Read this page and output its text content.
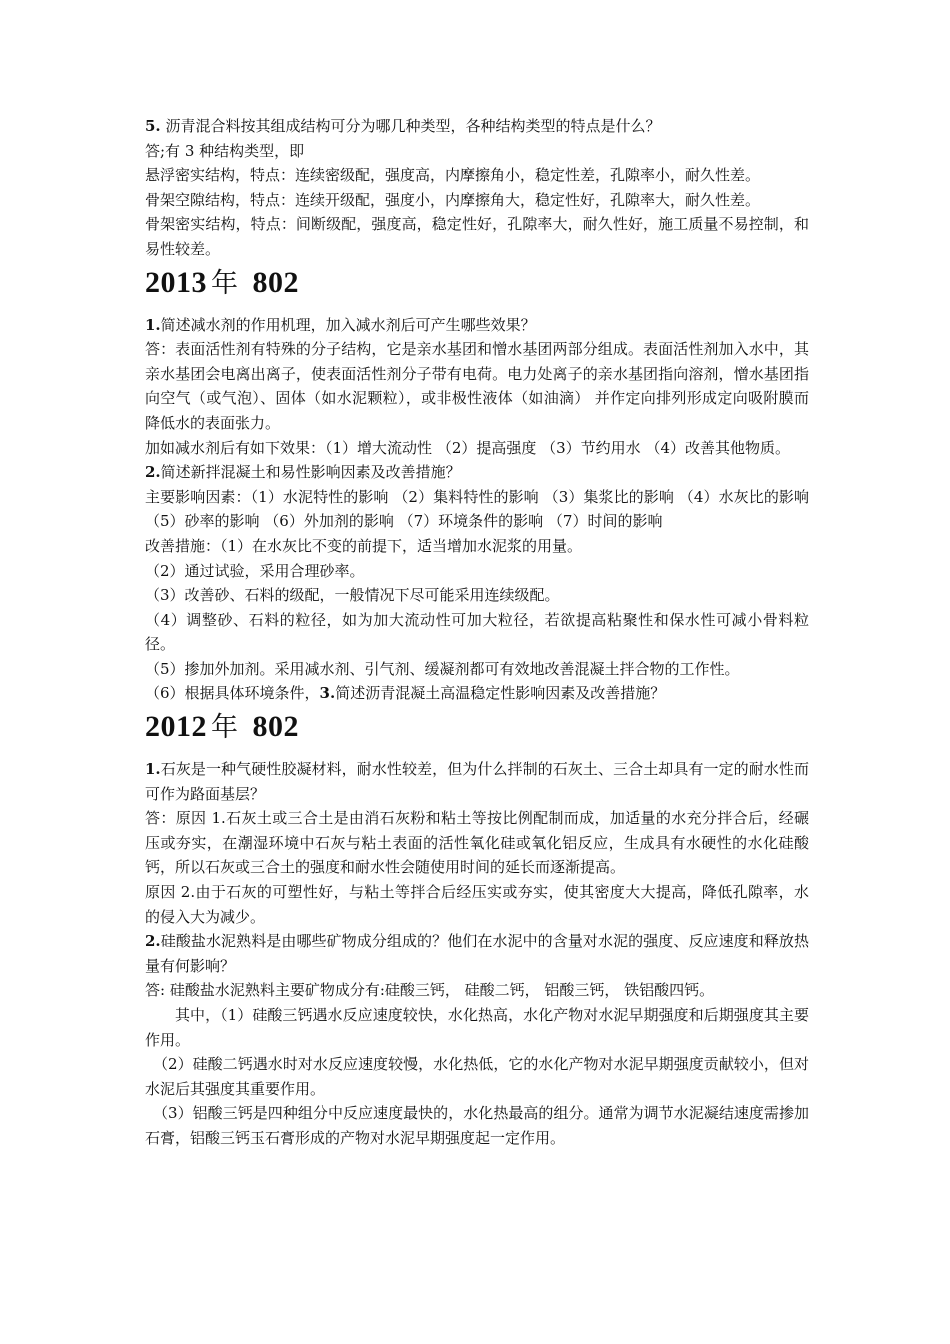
5. 沥青混合料按其组成结构可分为哪几种类型，各种结构类型的特点是什么？

答;有 3 种结构类型，即

悬浮密实结构，特点：连续密级配，强度高，内摩擦角小，稳定性差，孔隙率小，耐久性差。

骨架空隙结构，特点：连续开级配，强度小，内摩擦角大，稳定性好，孔隙率大，耐久性差。

骨架密实结构，特点：间断级配，强度高，稳定性好，孔隙率大，耐久性好，施工质量不易控制，和易性较差。

2013 年 802

1.简述减水剂的作用机理，加入减水剂后可产生哪些效果？

答：表面活性剂有特殊的分子结构，它是亲水基团和憎水基团两部分组成。表面活性剂加入水中，其亲水基团会电离出离子，使表面活性剂分子带有电荷。电力处离子的亲水基团指向溶剂，憎水基团指向空气（或气泡）、固体（如水泥颗粒），或非极性液体（如油滴） 并作定向排列形成定向吸附膜而降低水的表面张力。

加如减水剂后有如下效果：（1）增大流动性 （2）提高强度 （3）节约用水 （4）改善其他物质。

2.简述新拌混凝土和易性影响因素及改善措施？

主要影响因素：（1）水泥特性的影响 （2）集料特性的影响 （3）集浆比的影响 （4）水灰比的影响 （5）砂率的影响 （6）外加剂的影响 （7）环境条件的影响 （7）时间的影响

改善措施：（1）在水灰比不变的前提下，适当增加水泥浆的用量。

（2）通过试验，采用合理砂率。

（3）改善砂、石料的级配，一般情况下尽可能采用连续级配。

（4）调整砂、石料的粒径，如为加大流动性可加大粒径，若欲提高粘聚性和保水性可减小骨料粒径。

（5）掺加外加剂。采用减水剂、引气剂、缓凝剂都可有效地改善混凝土拌合物的工作性。

（6）根据具体环境条件，3.简述沥青混凝土高温稳定性影响因素及改善措施？

2012 年 802

1.石灰是一种气硬性胶凝材料，耐水性较差，但为什么拌制的石灰土、三合土却具有一定的耐水性而可作为路面基层？

答：原因 1.石灰土或三合土是由消石灰粉和粘土等按比例配制而成，加适量的水充分拌合后，经碾压或夯实，在潮湿环境中石灰与粘土表面的活性氧化硅或氧化铝反应，生成具有水硬性的水化硅酸钙，所以石灰或三合土的强度和耐水性会随使用时间的延长而逐渐提高。

原因 2.由于石灰的可塑性好，与粘土等拌合后经压实或夯实，使其密度大大提高，降低孔隙率，水的侵入大为减少。

2.硅酸盐水泥熟料是由哪些矿物成分组成的？他们在水泥中的含量对水泥的强度、反应速度和释放热量有何影响？

答: 硅酸盐水泥熟料主要矿物成分有:硅酸三钙， 硅酸二钙， 铝酸三钙， 铁铝酸四钙。

其中，（1）硅酸三钙遇水反应速度较快，水化热高，水化产物对水泥早期强度和后期强度其主要作用。

（2）硅酸二钙遇水时对水反应速度较慢，水化热低，它的水化产物对水泥早期强度贡献较小，但对水泥后其强度其重要作用。

（3）铝酸三钙是四种组分中反应速度最快的，水化热最高的组分。通常为调节水泥凝结速度需掺加石膏，铝酸三钙玉石膏形成的产物对水泥早期强度起一定作用。
